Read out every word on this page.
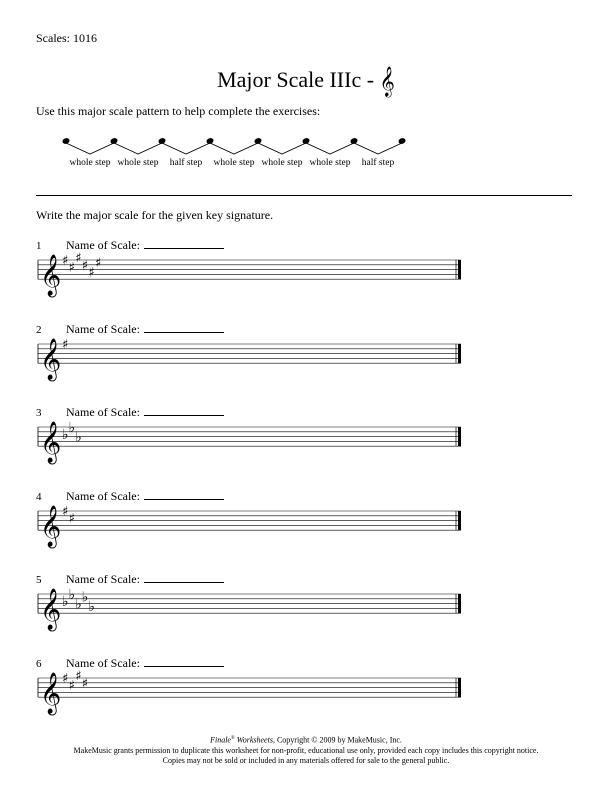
Scales: 1016
Major Scale IIIc - 𝄞
Use this major scale pattern to help complete the exercises:
whole step whole step half step whole step whole step whole step half step
Write the major scale for the given key signature.
1 Name of Scale:
𝄞 ♯ ♯
♯ ♯ ♯
♯
2 Name of Scale:
𝄞 ♯
3 Name of Scale:
𝄞 ♭ ♭
♭
4 Name of Scale:
𝄞 ♯ ♯
5 Name of Scale:
𝄞 ♭ ♭
♭ ♭
♭
6 Name of Scale:
𝄞 ♯ ♯
♯ ♯
Finale® Worksheets, Copyright © 2009 by MakeMusic, Inc.
MakeMusic grants permission to duplicate this worksheet for non-profit, educational use only, provided each copy includes this copyright notice.
Copies may not be sold or included in any materials offered for sale to the general public.
